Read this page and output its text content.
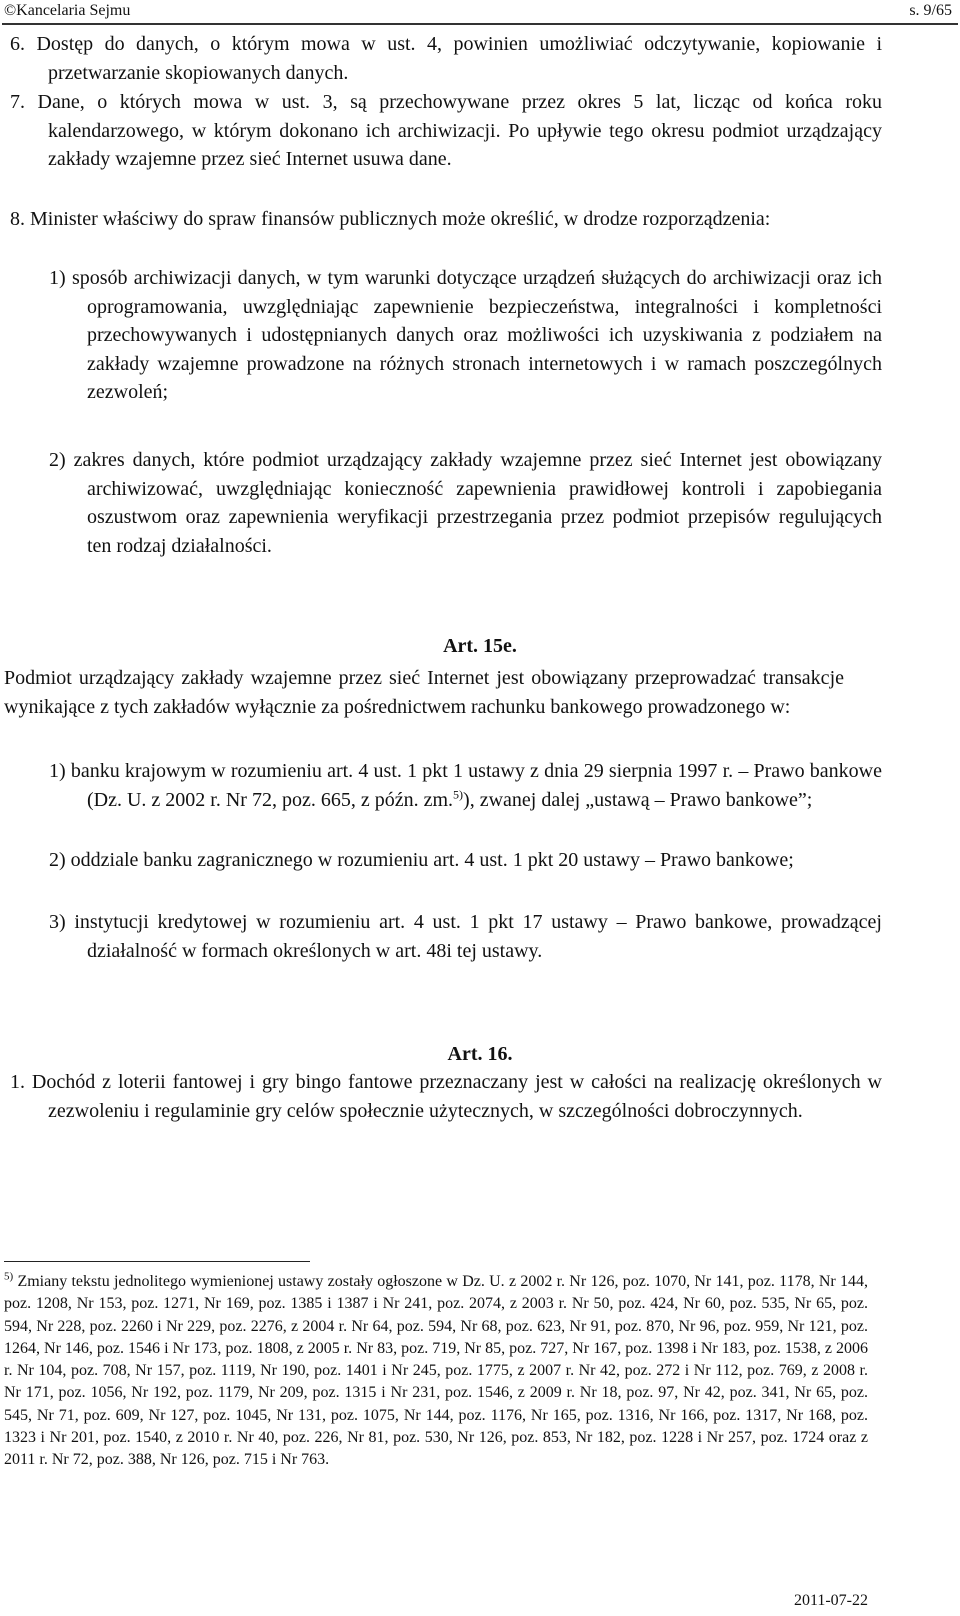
©Kancelaria Sejmu	s. 9/65
6. Dostęp do danych, o którym mowa w ust. 4, powinien umożliwiać odczytywanie, kopiowanie i przetwarzanie skopiowanych danych.
7. Dane, o których mowa w ust. 3, są przechowywane przez okres 5 lat, licząc od końca roku kalendarzowego, w którym dokonano ich archiwizacji. Po upływie tego okresu podmiot urządzający zakłady wzajemne przez sieć Internet usuwa dane.
8. Minister właściwy do spraw finansów publicznych może określić, w drodze rozporządzenia:
1) sposób archiwizacji danych, w tym warunki dotyczące urządzeń służących do archiwizacji oraz ich oprogramowania, uwzględniając zapewnienie bezpieczeństwa, integralności i kompletności przechowywanych i udostępnianych danych oraz możliwości ich uzyskiwania z podziałem na zakłady wzajemne prowadzone na różnych stronach internetowych i w ramach poszczególnych zezwoleń;
2) zakres danych, które podmiot urządzający zakłady wzajemne przez sieć Internet jest obowiązany archiwizować, uwzględniając konieczność zapewnienia prawidłowej kontroli i zapobiegania oszustwom oraz zapewnienia weryfikacji przestrzegania przez podmiot przepisów regulujących ten rodzaj działalności.
Art. 15e.
Podmiot urządzający zakłady wzajemne przez sieć Internet jest obowiązany przeprowadzać transakcje wynikające z tych zakładów wyłącznie za pośrednictwem rachunku bankowego prowadzonego w:
1) banku krajowym w rozumieniu art. 4 ust. 1 pkt 1 ustawy z dnia 29 sierpnia 1997 r. – Prawo bankowe (Dz. U. z 2002 r. Nr 72, poz. 665, z późn. zm.$^{5)}$), zwanej dalej „ustawą – Prawo bankowe”;
2) oddziale banku zagranicznego w rozumieniu art. 4 ust. 1 pkt 20 ustawy – Prawo bankowe;
3) instytucji kredytowej w rozumieniu art. 4 ust. 1 pkt 17 ustawy – Prawo bankowe, prowadzącej działalność w formach określonych w art. 48i tej ustawy.
Art. 16.
1. Dochód z loterii fantowej i gry bingo fantowe przeznaczany jest w całości na realizację określonych w zezwoleniu i regulaminie gry celów społecznie użytecznych, w szczególności dobroczynnych.
$^{5)}$ Zmiany tekstu jednolitego wymienionej ustawy zostały ogłoszone w Dz. U. z 2002 r. Nr 126, poz. 1070, Nr 141, poz. 1178, Nr 144, poz. 1208, Nr 153, poz. 1271, Nr 169, poz. 1385 i 1387 i Nr 241, poz. 2074, z 2003 r. Nr 50, poz. 424, Nr 60, poz. 535, Nr 65, poz. 594, Nr 228, poz. 2260 i Nr 229, poz. 2276, z 2004 r. Nr 64, poz. 594, Nr 68, poz. 623, Nr 91, poz. 870, Nr 96, poz. 959, Nr 121, poz. 1264, Nr 146, poz. 1546 i Nr 173, poz. 1808, z 2005 r. Nr 83, poz. 719, Nr 85, poz. 727, Nr 167, poz. 1398 i Nr 183, poz. 1538, z 2006 r. Nr 104, poz. 708, Nr 157, poz. 1119, Nr 190, poz. 1401 i Nr 245, poz. 1775, z 2007 r. Nr 42, poz. 272 i Nr 112, poz. 769, z 2008 r. Nr 171, poz. 1056, Nr 192, poz. 1179, Nr 209, poz. 1315 i Nr 231, poz. 1546, z 2009 r. Nr 18, poz. 97, Nr 42, poz. 341, Nr 65, poz. 545, Nr 71, poz. 609, Nr 127, poz. 1045, Nr 131, poz. 1075, Nr 144, poz. 1176, Nr 165, poz. 1316, Nr 166, poz. 1317, Nr 168, poz. 1323 i Nr 201, poz. 1540, z 2010 r. Nr 40, poz. 226, Nr 81, poz. 530, Nr 126, poz. 853, Nr 182, poz. 1228 i Nr 257, poz. 1724 oraz z 2011 r. Nr 72, poz. 388, Nr 126, poz. 715 i Nr 763.
2011-07-22
